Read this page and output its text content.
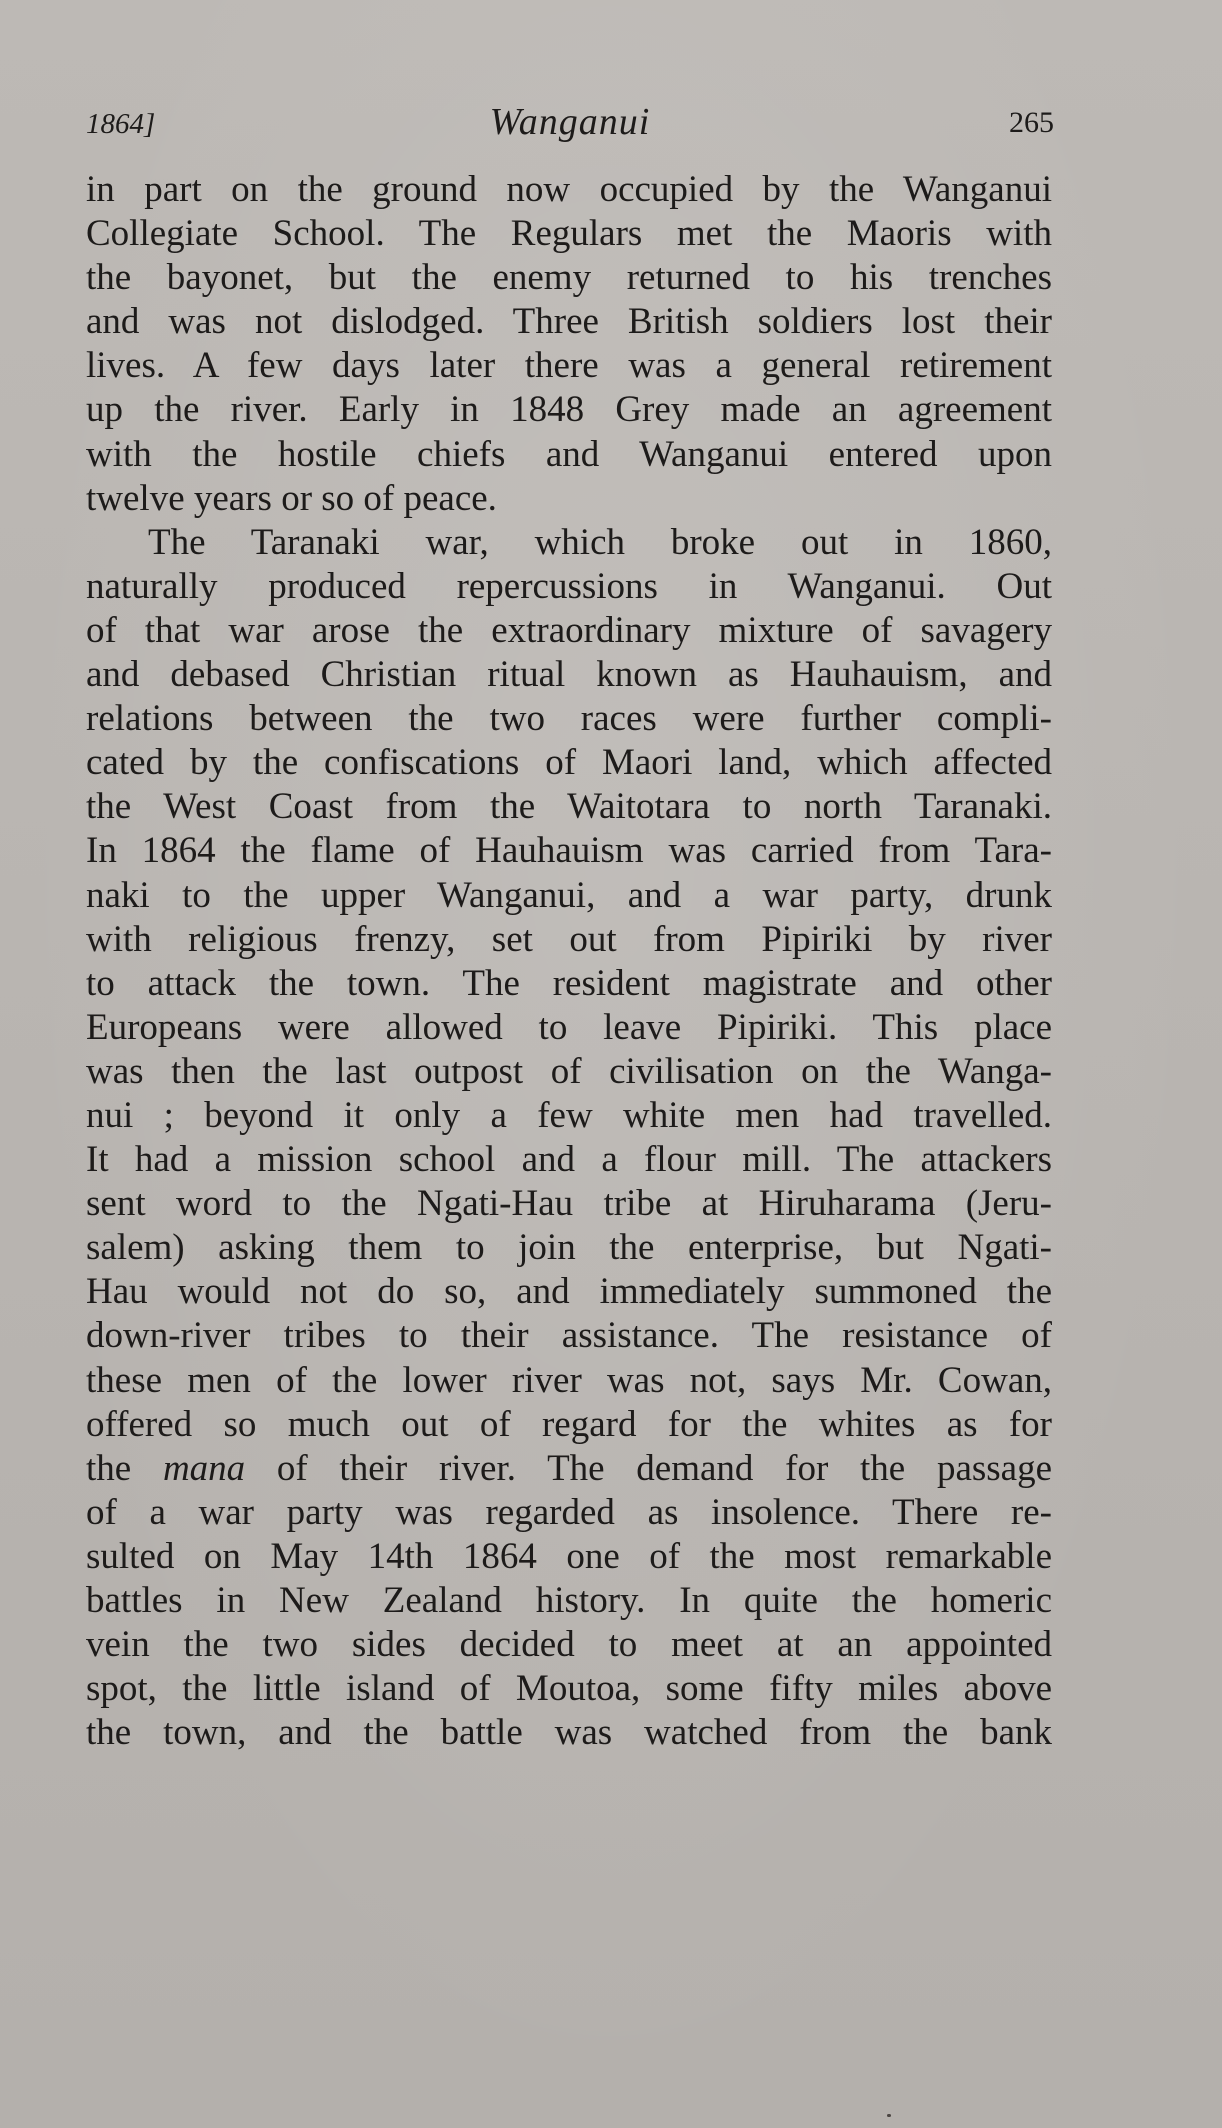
1864]	Wanganui	265
in part on the ground now occupied by the Wanganui
Collegiate School. The Regulars met the Maoris with
the bayonet, but the enemy returned to his trenches
and was not dislodged. Three British soldiers lost their
lives. A few days later there was a general retirement
up the river. Early in 1848 Grey made an agreement
with the hostile chiefs and Wanganui entered upon
twelve years or so of peace.
The Taranaki war, which broke out in 1860,
naturally produced repercussions in Wanganui. Out
of that war arose the extraordinary mixture of savagery
and debased Christian ritual known as Hauhauism, and
relations between the two races were further compli-
cated by the confiscations of Maori land, which affected
the West Coast from the Waitotara to north Taranaki.
In 1864 the flame of Hauhauism was carried from Tara-
naki to the upper Wanganui, and a war party, drunk
with religious frenzy, set out from Pipiriki by river
to attack the town. The resident magistrate and other
Europeans were allowed to leave Pipiriki. This place
was then the last outpost of civilisation on the Wanga-
nui ; beyond it only a few white men had travelled.
It had a mission school and a flour mill. The attackers
sent word to the Ngati-Hau tribe at Hiruharama (Jeru-
salem) asking them to join the enterprise, but Ngati-
Hau would not do so, and immediately summoned the
down-river tribes to their assistance. The resistance of
these men of the lower river was not, says Mr. Cowan,
offered so much out of regard for the whites as for
the mana of their river. The demand for the passage
of a war party was regarded as insolence. There re-
sulted on May 14th 1864 one of the most remarkable
battles in New Zealand history. In quite the homeric
vein the two sides decided to meet at an appointed
spot, the little island of Moutoa, some fifty miles above
the town, and the battle was watched from the bank
